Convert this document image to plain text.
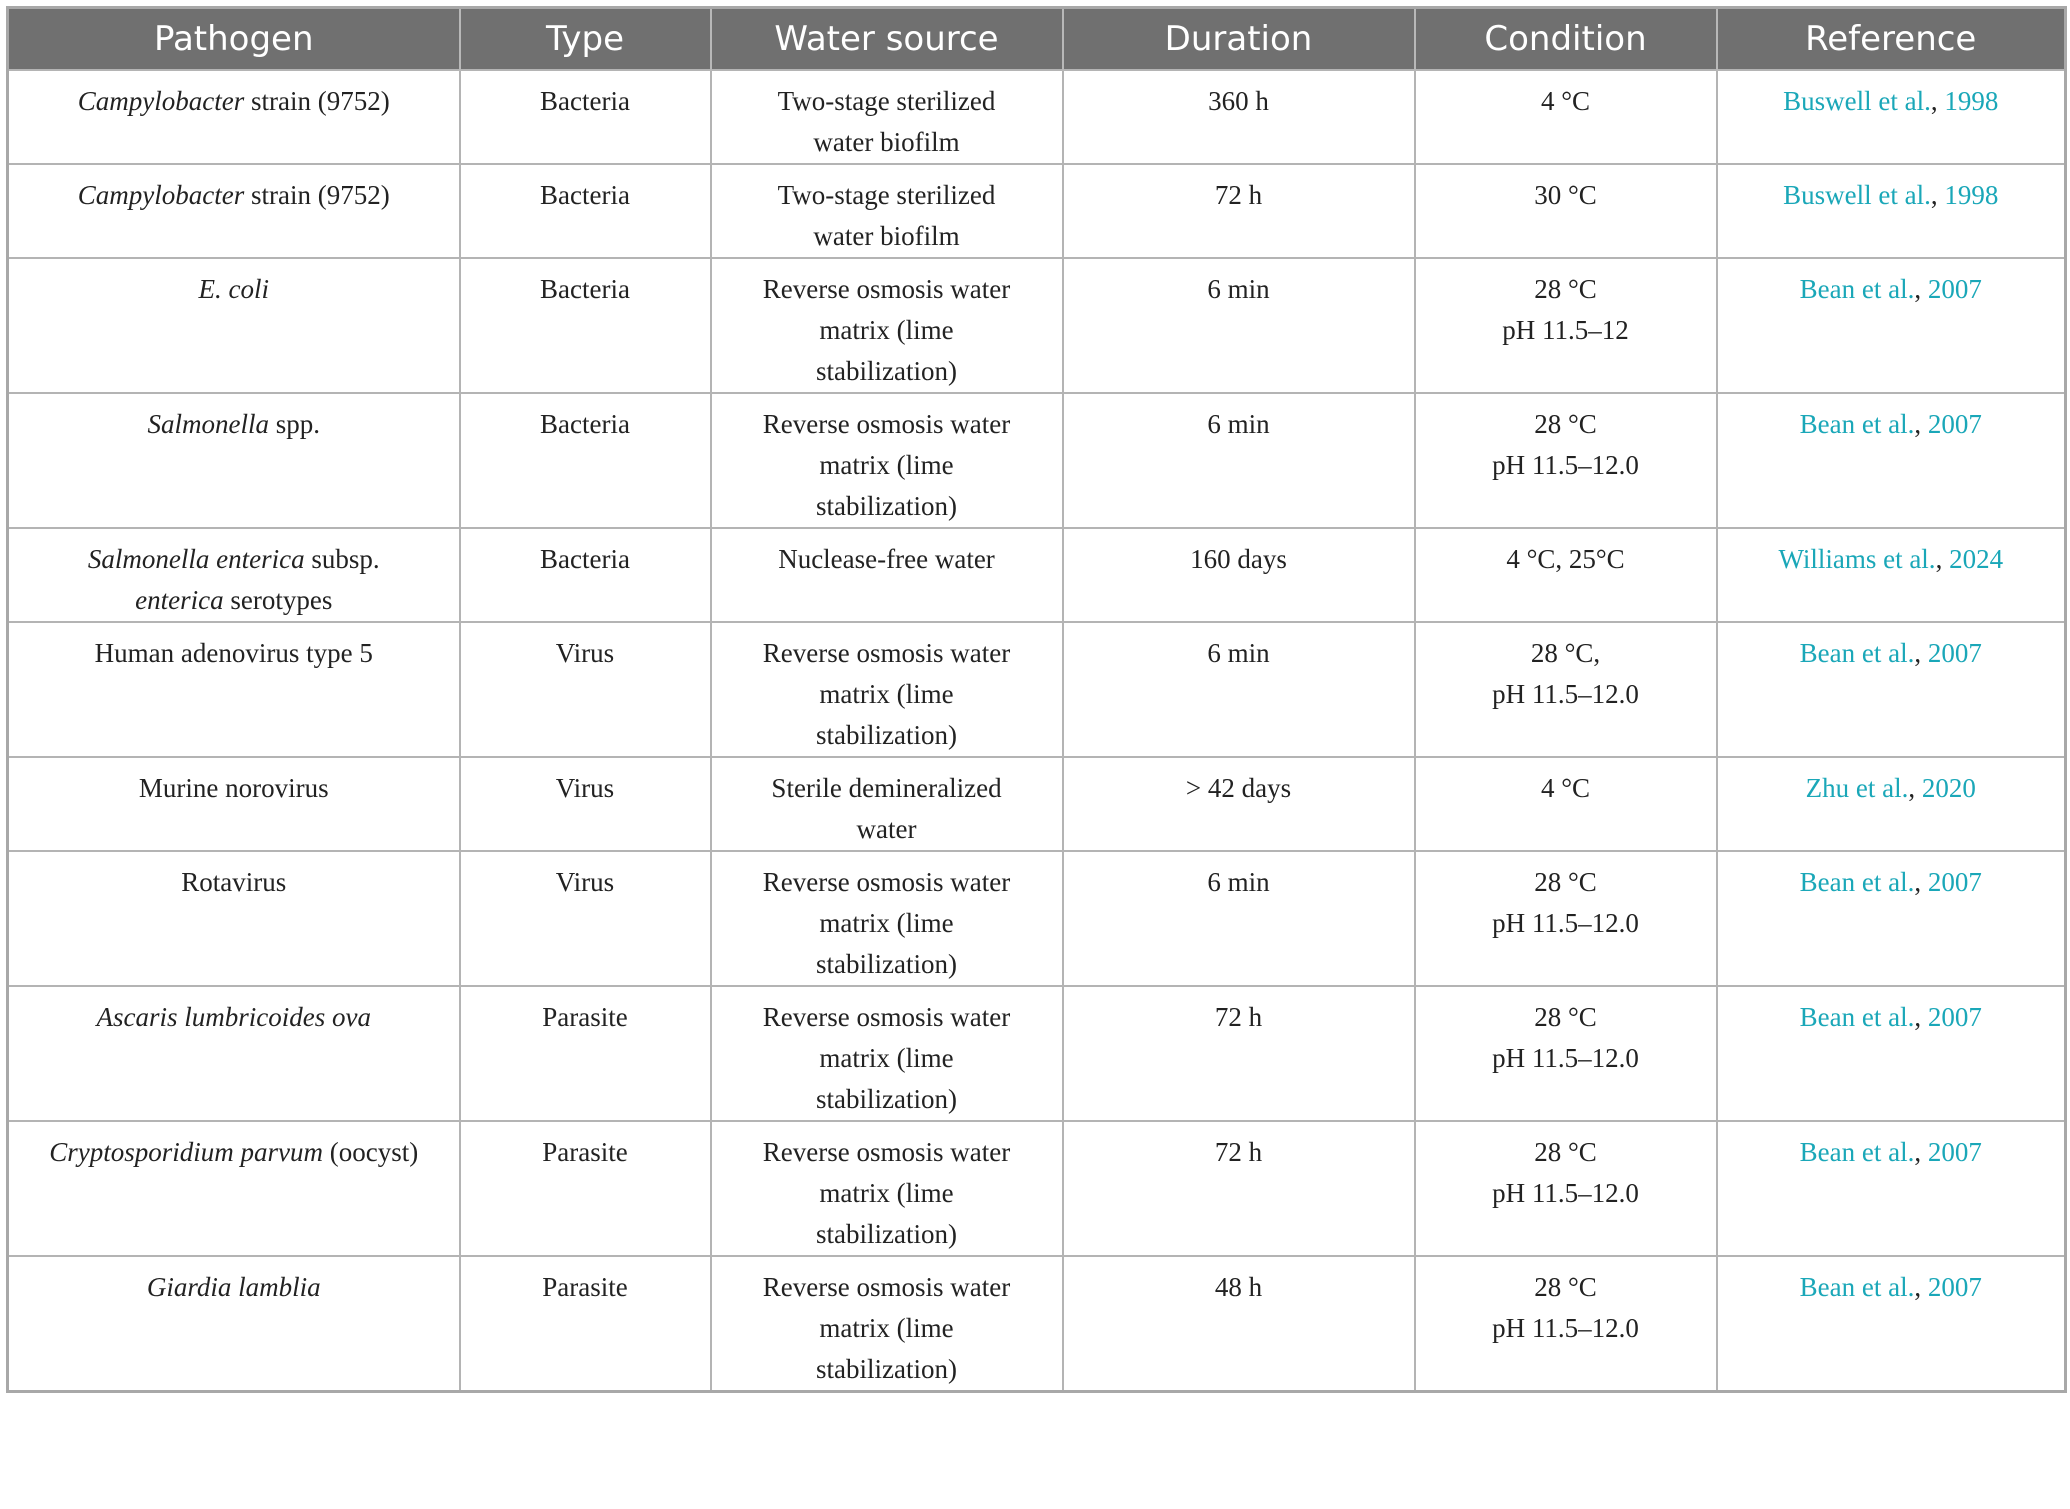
Pathogen	Type	Water source	Duration	Condition	Reference

Campylobacter strain (9752)	Bacteria	Two-stage sterilized
water biofilm	360 h	4 °C	Buswell et al., 1998

Campylobacter strain (9752)	Bacteria	Two-stage sterilized
water biofilm	72 h	30 °C	Buswell et al., 1998

E. coli	Bacteria	Reverse osmosis water
matrix (lime
stabilization)	6 min	28 °C
pH 11.5–12	Bean et al., 2007

Salmonella spp.	Bacteria	Reverse osmosis water
matrix (lime
stabilization)	6 min	28 °C
pH 11.5–12.0	Bean et al., 2007

Salmonella enterica subsp.
enterica serotypes	Bacteria	Nuclease-free water	160 days	4 °C, 25°C	Williams et al., 2024

Human adenovirus type 5	Virus	Reverse osmosis water
matrix (lime
stabilization)	6 min	28 °C,
pH 11.5–12.0	Bean et al., 2007

Murine norovirus	Virus	Sterile demineralized
water	> 42 days	4 °C	Zhu et al., 2020

Rotavirus	Virus	Reverse osmosis water
matrix (lime
stabilization)	6 min	28 °C
pH 11.5–12.0	Bean et al., 2007

Ascaris lumbricoides ova	Parasite	Reverse osmosis water
matrix (lime
stabilization)	72 h	28 °C
pH 11.5–12.0	Bean et al., 2007

Cryptosporidium parvum (oocyst)	Parasite	Reverse osmosis water
matrix (lime
stabilization)	72 h	28 °C
pH 11.5–12.0	Bean et al., 2007

Giardia lamblia	Parasite	Reverse osmosis water
matrix (lime
stabilization)	48 h	28 °C
pH 11.5–12.0	Bean et al., 2007
